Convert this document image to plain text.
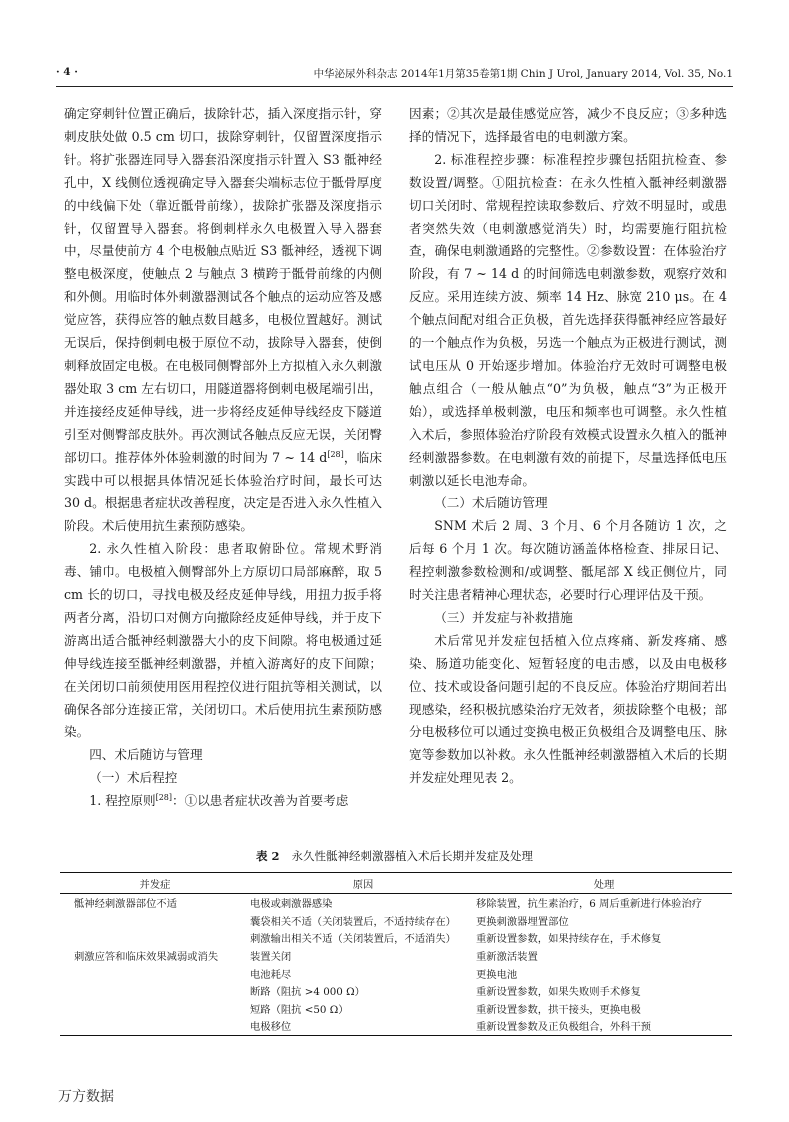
· 4 ·	中华泌尿外科杂志 2014年1月第35卷第1期 Chin J Urol, January 2014, Vol. 35, No.1

确定穿刺针位置正确后，拔除针芯，插入深度指示针，穿刺皮肤处做 0.5 cm 切口，拔除穿刺针，仅留置深度指示针。将扩张器连同导入器套沿深度指示针置入 S3 骶神经孔中，X 线侧位透视确定导入器套尖端标志位于骶骨厚度的中线偏下处（靠近骶骨前缘），拔除扩张器及深度指示针，仅留置导入器套。将倒刺样永久电极置入导入器套中，尽量使前方 4 个电极触点贴近 S3 骶神经，透视下调整电极深度，使触点 2 与触点 3 横跨于骶骨前缘的内侧和外侧。用临时体外刺激器测试各个触点的运动应答及感觉应答，获得应答的触点数目越多，电极位置越好。测试无误后，保持倒刺电极于原位不动，拔除导入器套，使倒刺释放固定电极。在电极同侧臀部外上方拟植入永久刺激器处取 3 cm 左右切口，用隧道器将倒刺电极尾端引出，并连接经皮延伸导线，进一步将经皮延伸导线经皮下隧道引至对侧臀部皮肤外。再次测试各触点反应无误，关闭臀部切口。推荐体外体验刺激的时间为 7 ~ 14 d[28]，临床实践中可以根据具体情况延长体验治疗时间，最长可达 30 d。根据患者症状改善程度，决定是否进入永久性植入阶段。术后使用抗生素预防感染。

2. 永久性植入阶段：患者取俯卧位。常规术野消毒、铺巾。电极植入侧臀部外上方原切口局部麻醉，取 5 cm 长的切口，寻找电极及经皮延伸导线，用扭力扳手将两者分离，沿切口对侧方向撤除经皮延伸导线，并于皮下游离出适合骶神经刺激器大小的皮下间隙。将电极通过延伸导线连接至骶神经刺激器，并植入游离好的皮下间隙；在关闭切口前须使用医用程控仪进行阻抗等相关测试，以确保各部分连接正常，关闭切口。术后使用抗生素预防感染。

四、术后随访与管理

（一）术后程控

1. 程控原则[28]：①以患者症状改善为首要考虑

因素；②其次是最佳感觉应答，减少不良反应；③多种选择的情况下，选择最省电的电刺激方案。

2. 标准程控步骤：标准程控步骤包括阻抗检查、参数设置/调整。①阻抗检查：在永久性植入骶神经刺激器切口关闭时、常规程控读取参数后、疗效不明显时，或患者突然失效（电刺激感觉消失）时，均需要施行阻抗检查，确保电刺激通路的完整性。②参数设置：在体验治疗阶段，有 7 ~ 14 d 的时间筛选电刺激参数，观察疗效和反应。采用连续方波、频率 14 Hz、脉宽 210 μs。在 4 个触点间配对组合正负极，首先选择获得骶神经应答最好的一个触点作为负极，另选一个触点为正极进行测试，测试电压从 0 开始逐步增加。体验治疗无效时可调整电极触点组合（一般从触点“0”为负极，触点“3”为正极开始），或选择单极刺激，电压和频率也可调整。永久性植入术后，参照体验治疗阶段有效模式设置永久植入的骶神经刺激器参数。在电刺激有效的前提下，尽量选择低电压刺激以延长电池寿命。

（二）术后随访管理

SNM 术后 2 周、3 个月、6 个月各随访 1 次，之后每 6 个月 1 次。每次随访涵盖体格检查、排尿日记、程控刺激参数检测和/或调整、骶尾部 X 线正侧位片，同时关注患者精神心理状态，必要时行心理评估及干预。

（三）并发症与补救措施

术后常见并发症包括植入位点疼痛、新发疼痛、感染、肠道功能变化、短暂轻度的电击感，以及由电极移位、技术或设备问题引起的不良反应。体验治疗期间若出现感染，经积极抗感染治疗无效者，须拔除整个电极；部分电极移位可以通过变换电极正负极组合及调整电压、脉宽等参数加以补救。永久性骶神经刺激器植入术后的长期并发症处理见表 2。

表 2 永久性骶神经刺激器植入术后长期并发症及处理
并发症	原因	处理
骶神经刺激器部位不适	电极或刺激器感染	移除装置，抗生素治疗，6 周后重新进行体验治疗
	囊袋相关不适（关闭装置后，不适持续存在）	更换刺激器埋置部位
	刺激输出相关不适（关闭装置后，不适消失）	重新设置参数，如果持续存在，手术修复
刺激应答和临床效果减弱或消失	装置关闭	重新激活装置
	电池耗尽	更换电池
	断路（阻抗 >4 000 Ω）	重新设置参数，如果失败则手术修复
	短路（阻抗 <50 Ω）	重新设置参数，拱干接头，更换电极
	电极移位	重新设置参数及正负极组合，外科干预
万方数据
